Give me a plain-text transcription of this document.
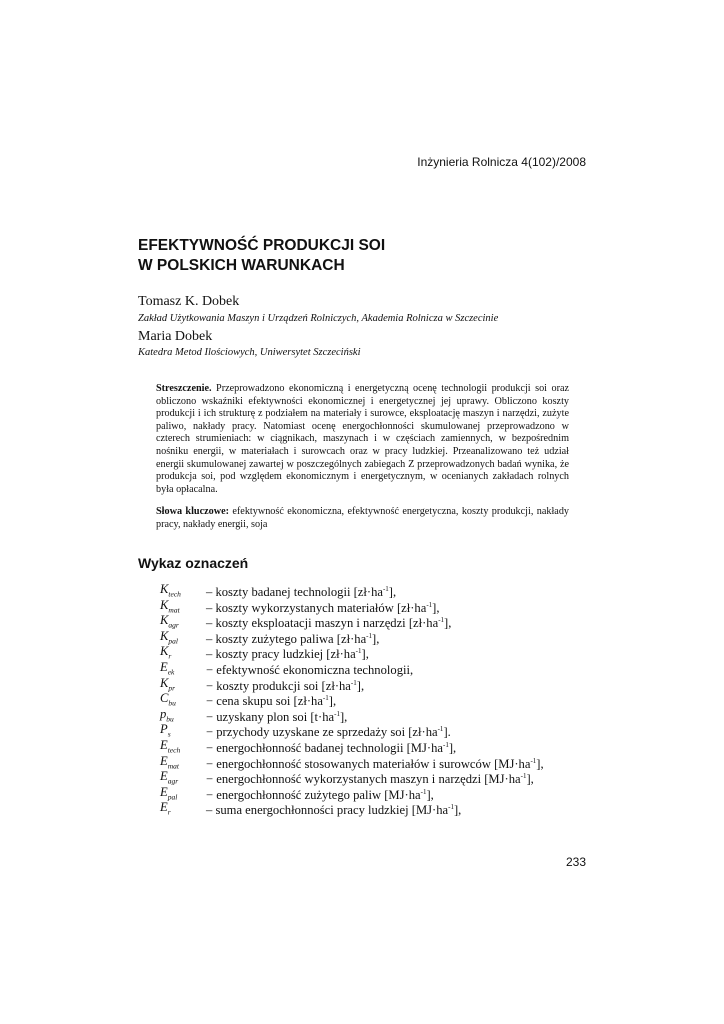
Inżynieria Rolnicza 4(102)/2008
EFEKTYWNOŚĆ PRODUKCJI SOI
W POLSKICH WARUNKACH
Tomasz K. Dobek
Zakład Użytkowania Maszyn i Urządzeń Rolniczych, Akademia Rolnicza w Szczecinie
Maria Dobek
Katedra Metod Ilościowych, Uniwersytet Szczeciński

Streszczenie. Przeprowadzono ekonomiczną i energetyczną ocenę technologii produkcji soi oraz obliczono wskaźniki efektywności ekonomicznej i energetycznej jej uprawy. Obliczono koszty produkcji i ich strukturę z podziałem na materiały i surowce, eksploatację maszyn i narzędzi, zużyte paliwo, nakłady pracy. Natomiast ocenę energochłonności skumulowanej przeprowadzono w czterech strumieniach: w ciągnikach, maszynach i w częściach zamiennych, w bezpośrednim nośniku energii, w materiałach i surowcach oraz w pracy ludzkiej. Przeanalizowano też udział energii skumulowanej zawartej w poszczególnych zabiegach Z przeprowadzonych badań wynika, że produkcja soi, pod względem ekonomicznym i energetycznym, w ocenianych zakładach rolnych była opłacalna.

Słowa kluczowe: efektywność ekonomiczna, efektywność energetyczna, koszty produkcji, nakłady pracy, nakłady energii, soja

Wykaz oznaczeń
$K_{tech}$	– koszty badanej technologii $[zł\cdot ha^{-1}]$,
$K_{mat}$	– koszty wykorzystanych materiałów $[zł\cdot ha^{-1}]$,
$K_{agr}$	– koszty eksploatacji maszyn i narzędzi $[zł\cdot ha^{-1}]$,
$K_{pal}$	– koszty zużytego paliwa $[zł\cdot ha^{-1}]$,
$K_r$	– koszty pracy ludzkiej $[zł\cdot ha^{-1}]$,
$E_{ek}$	− efektywność ekonomiczna technologii,
$K_{pr}$	− koszty produkcji soi $[zł\cdot ha^{-1}]$,
$C_{bu}$	− cena skupu soi $[zł\cdot ha^{-1}]$,
$p_{bu}$	− uzyskany plon soi $[t\cdot ha^{-1}]$,
$P_s$	− przychody uzyskane ze sprzedaży soi $[zł\cdot ha^{-1}]$.
$E_{tech}$	− energochłonność badanej technologii $[MJ\cdot ha^{-1}]$,
$E_{mat}$	− energochłonność stosowanych materiałów i surowców $[MJ\cdot ha^{-1}]$,
$E_{agr}$	− energochłonność wykorzystanych maszyn i narzędzi $[MJ\cdot ha^{-1}]$,
$E_{pal}$	− energochłonność zużytego paliw $[MJ\cdot ha^{-1}]$,
$E_r$	– suma energochłonności pracy ludzkiej $[MJ\cdot ha^{-1}]$,
233
